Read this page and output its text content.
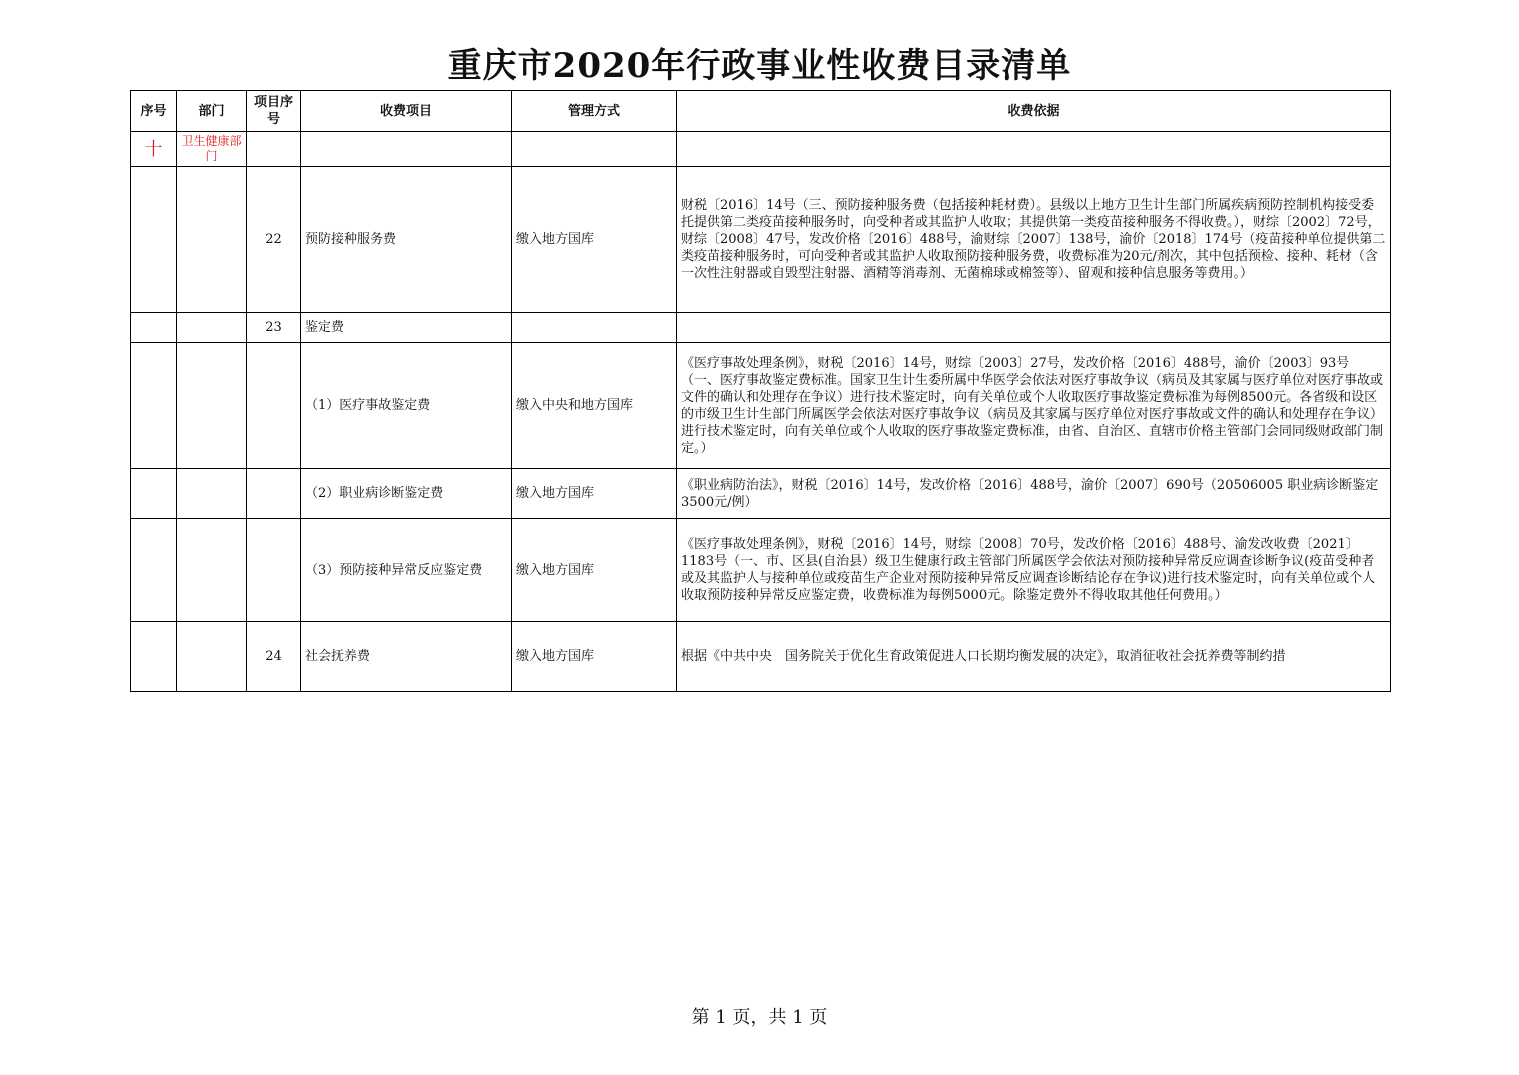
重庆市2020年行政事业性收费目录清单
序号	部门	项目序号	收费项目	管理方式	收费依据
十	卫生健康部门				
		22	预防接种服务费	缴入地方国库	财税〔2016〕14号（三、预防接种服务费（包括接种耗材费）。县级以上地方卫生计生部门所属疾病预防控制机构接受委托提供第二类疫苗接种服务时，向受种者或其监护人收取；其提供第一类疫苗接种服务不得收费。），财综〔2002〕72号，财综〔2008〕47号，发改价格〔2016〕488号，渝财综〔2007〕138号，渝价〔2018〕174号（疫苗接种单位提供第二类疫苗接种服务时，可向受种者或其监护人收取预防接种服务费，收费标准为20元/剂次，其中包括预检、接种、耗材（含一次性注射器或自毁型注射器、酒精等消毒剂、无菌棉球或棉签等）、留观和接种信息服务等费用。）
		23	鉴定费		
			（1）医疗事故鉴定费	缴入中央和地方国库	《医疗事故处理条例》，财税〔2016〕14号，财综〔2003〕27号，发改价格〔2016〕488号，渝价〔2003〕93号（一、医疗事故鉴定费标准。国家卫生计生委所属中华医学会依法对医疗事故争议（病员及其家属与医疗单位对医疗事故或文件的确认和处理存在争议）进行技术鉴定时，向有关单位或个人收取医疗事故鉴定费标准为每例8500元。各省级和设区的市级卫生计生部门所属医学会依法对医疗事故争议（病员及其家属与医疗单位对医疗事故或文件的确认和处理存在争议）进行技术鉴定时，向有关单位或个人收取的医疗事故鉴定费标准，由省、自治区、直辖市价格主管部门会同同级财政部门制定。）
			（2）职业病诊断鉴定费	缴入地方国库	《职业病防治法》，财税〔2016〕14号，发改价格〔2016〕488号，渝价〔2007〕690号（20506005 职业病诊断鉴定 3500元/例）
			（3）预防接种异常反应鉴定费	缴入地方国库	《医疗事故处理条例》，财税〔2016〕14号，财综〔2008〕70号，发改价格〔2016〕488号、渝发改收费〔2021〕1183号（一、市、区县(自治县）级卫生健康行政主管部门所属医学会依法对预防接种异常反应调查诊断争议(疫苗受种者或及其监护人与接种单位或疫苗生产企业对预防接种异常反应调查诊断结论存在争议)进行技术鉴定时，向有关单位或个人收取预防接种异常反应鉴定费，收费标准为每例5000元。除鉴定费外不得收取其他任何费用。）
		24	社会抚养费	缴入地方国库	根据《中共中央　国务院关于优化生育政策促进人口长期均衡发展的决定》，取消征收社会抚养费等制约措
第 1 页，共 1 页
